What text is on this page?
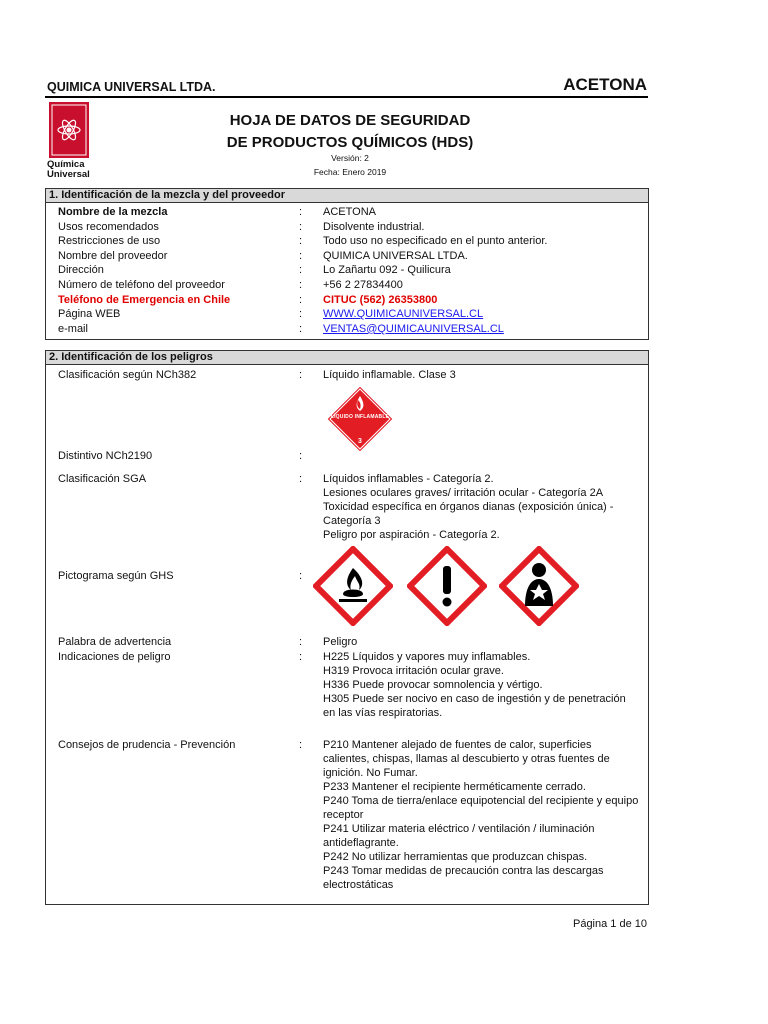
QUIMICA UNIVERSAL LTDA.	ACETONA
Química
Universal
HOJA DE DATOS DE SEGURIDAD
DE PRODUCTOS QUÍMICOS (HDS)
Versión: 2
Fecha: Enero 2019
1. Identificación de la mezcla y del proveedor
Nombre de la mezcla	: ACETONA
Usos recomendados	: Disolvente industrial.
Restricciones de uso	: Todo uso no especificado en el punto anterior.
Nombre del proveedor	: QUIMICA UNIVERSAL LTDA.
Dirección	: Lo Zañartu 092 - Quilicura
Número de teléfono del proveedor	: +56 2 27834400
Teléfono de Emergencia en Chile	: CITUC (562) 26353800
Página WEB	: WWW.QUIMICAUNIVERSAL.CL
e-mail	: VENTAS@QUIMICAUNIVERSAL.CL
2. Identificación de los peligros
Clasificación según NCh382	: Líquido inflamable. Clase 3
3
LÍQUIDO INFLAMABLE
Distintivo NCh2190	:
Clasificación SGA	: Líquidos inflamables - Categoría 2.
Lesiones oculares graves/ irritación ocular - Categoría 2A
Toxicidad específica en órganos dianas (exposición única) -
Categoría 3
Peligro por aspiración - Categoría 2.
Pictograma según GHS	:
Palabra de advertencia	: Peligro
Indicaciones de peligro	: H225 Líquidos y vapores muy inflamables.
H319 Provoca irritación ocular grave.
H336 Puede provocar somnolencia y vértigo.
H305 Puede ser nocivo en caso de ingestión y de penetración
en las vías respiratorias.
Consejos de prudencia - Prevención	: P210 Mantener alejado de fuentes de calor, superficies
calientes, chispas, llamas al descubierto y otras fuentes de
ignición. No Fumar.
P233 Mantener el recipiente herméticamente cerrado.
P240 Toma de tierra/enlace equipotencial del recipiente y equipo
receptor
P241 Utilizar materia eléctrico / ventilación / iluminación
antideflagrante.
P242 No utilizar herramientas que produzcan chispas.
P243 Tomar medidas de precaución contra las descargas
electrostáticas
Página 1 de 10
